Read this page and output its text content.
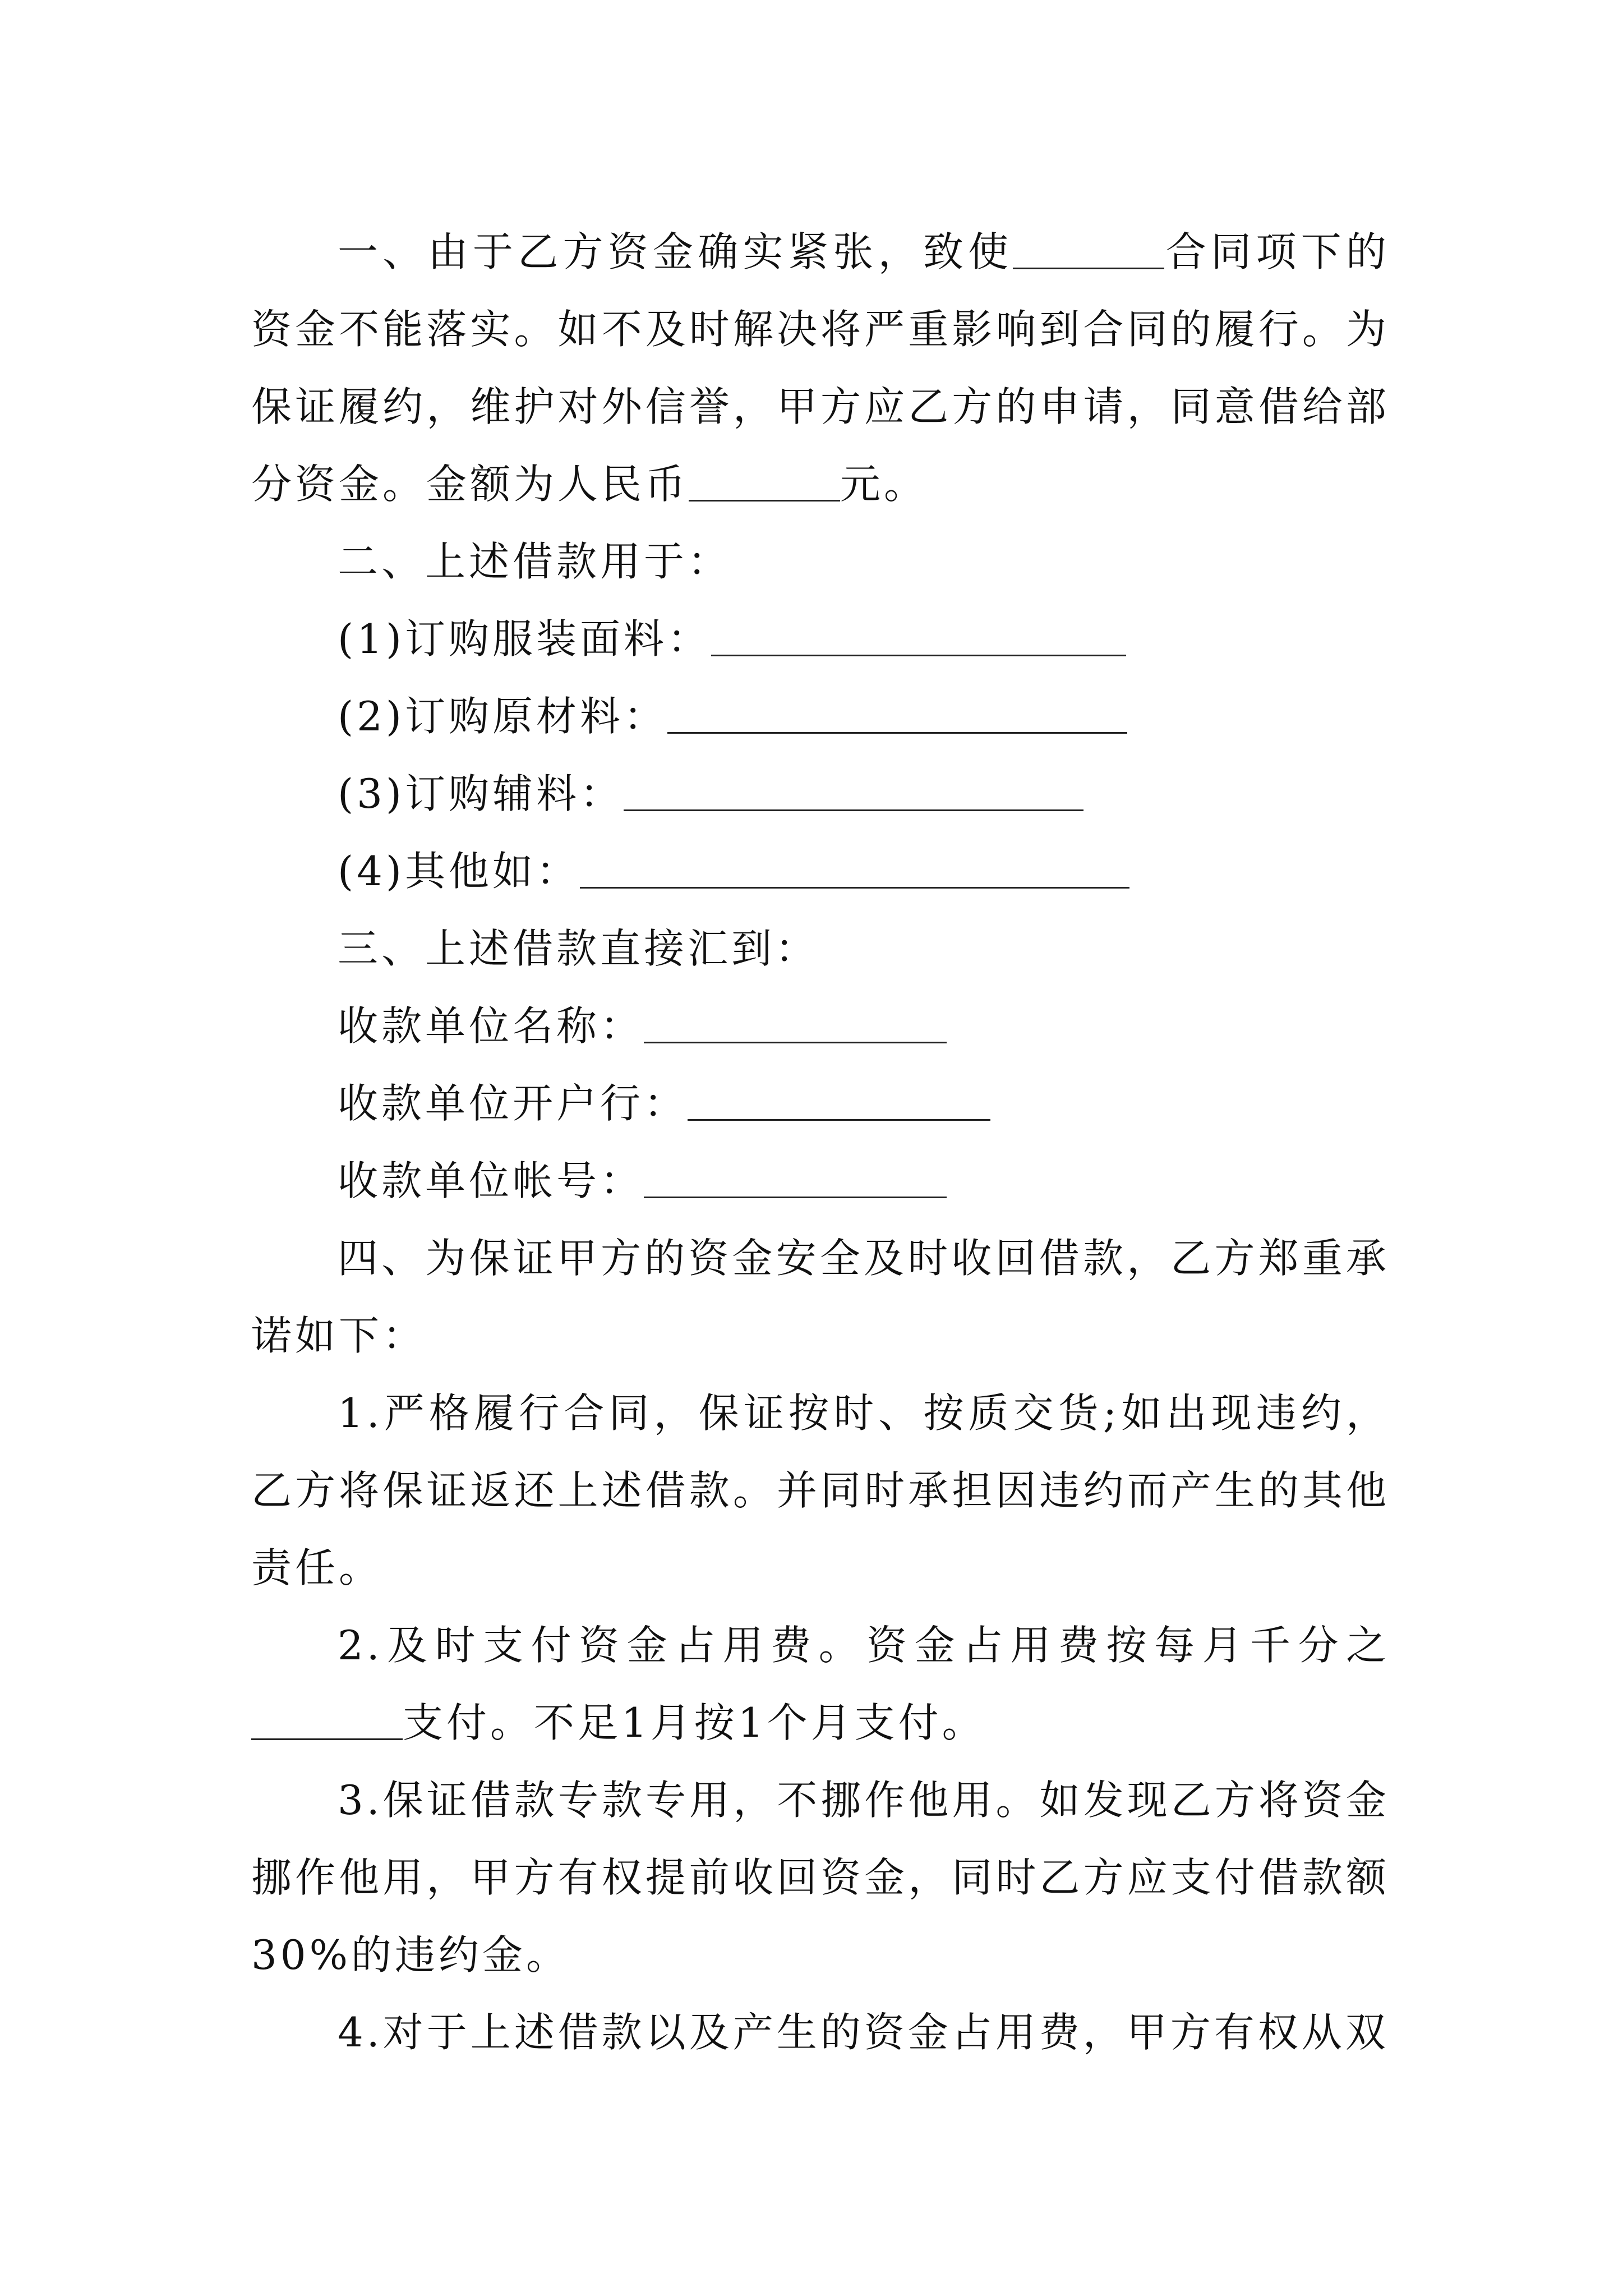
一、由于乙方资金确实紧张，致使	合同项下的资金不能落实。如不及时解决将严重影响到合同的履行。为保证履约，维护对外信誉，甲方应乙方的申请，同意借给部分资金。金额为人民币	元。

二、上述借款用于：

(1)订购服装面料：
(2)订购原材料：
(3)订购辅料：
(4)其他如：

三、上述借款直接汇到：

收款单位名称：
收款单位开户行：
收款单位帐号：

四、为保证甲方的资金安全及时收回借款，乙方郑重承诺如下：

1.严格履行合同，保证按时、按质交货;如出现违约，乙方将保证返还上述借款。并同时承担因违约而产生的其他责任。

2.及时支付资金占用费。资金占用费按每月千分之支付。不足1月按1个月支付。

3.保证借款专款专用，不挪作他用。如发现乙方将资金挪作他用，甲方有权提前收回资金，同时乙方应支付借款额30%的违约金。

4.对于上述借款以及产生的资金占用费，甲方有权从双
